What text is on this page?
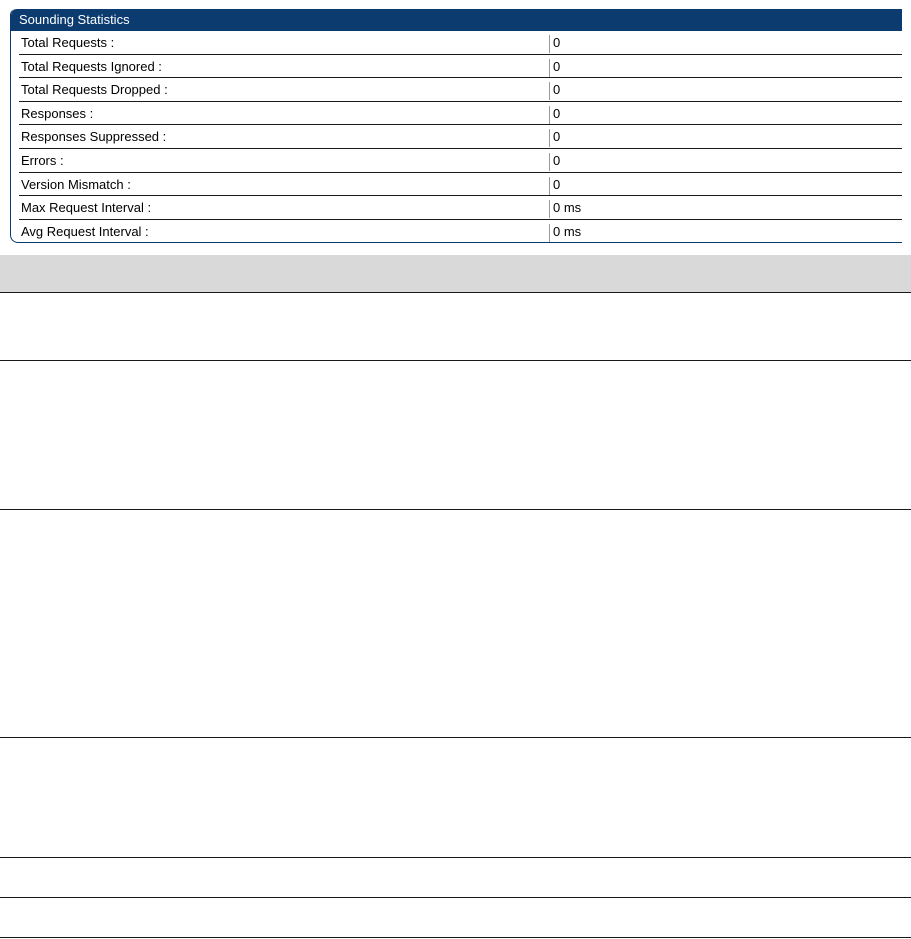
Sounding Statistics
Total Requests :	0
Total Requests Ignored :	0
Total Requests Dropped :	0
Responses :	0
Responses Suppressed :	0
Errors :	0
Version Mismatch :	0
Max Request Interval :	0 ms
Avg Request Interval :	0 ms
